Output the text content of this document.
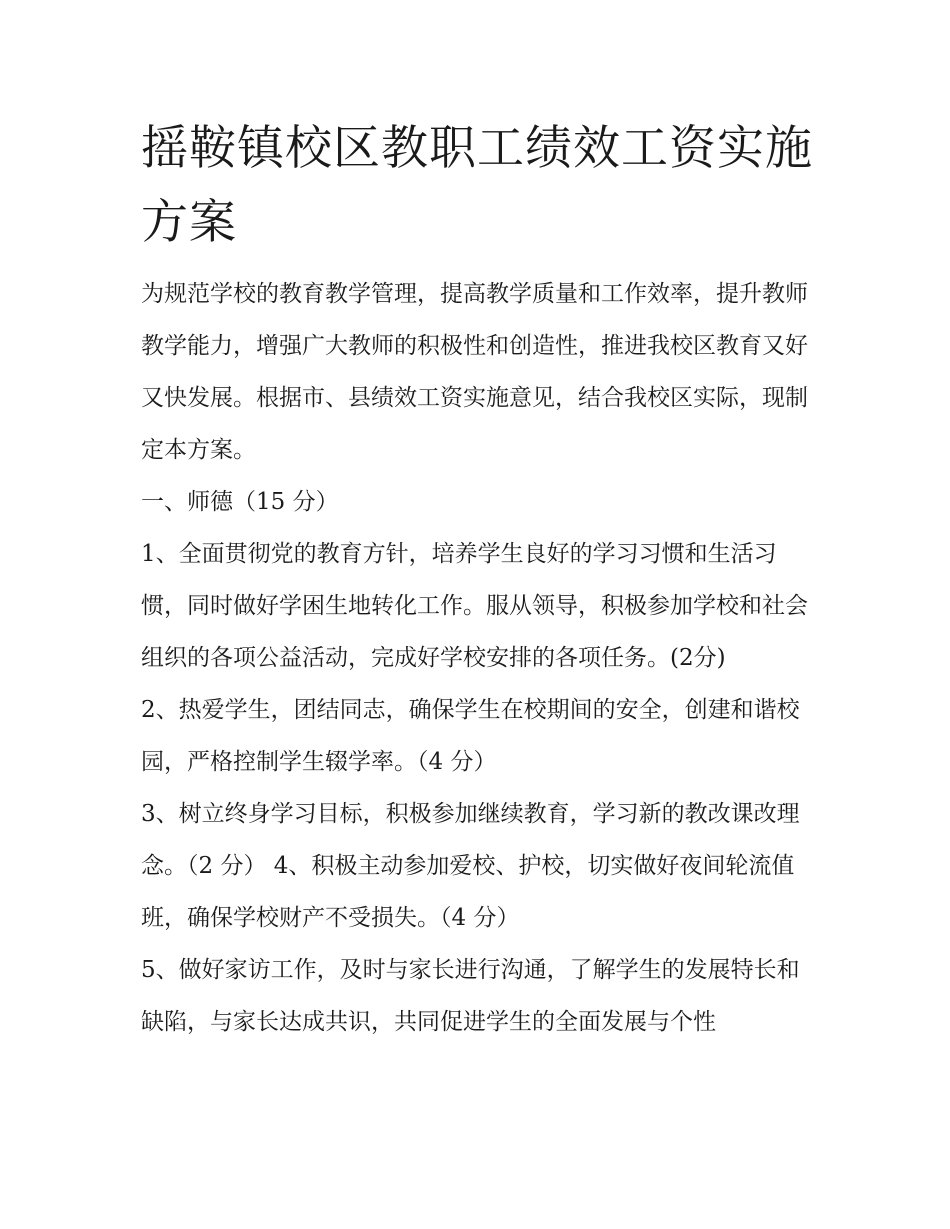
摇鞍镇校区教职工绩效工资实施方案

为规范学校的教育教学管理，提高教学质量和工作效率，提升教师教学能力，增强广大教师的积极性和创造性，推进我校区教育又好又快发展。根据市、县绩效工资实施意见，结合我校区实际，现制定本方案。

一、师德（15 分）

1、全面贯彻党的教育方针，培养学生良好的学习习惯和生活习惯，同时做好学困生地转化工作。服从领导，积极参加学校和社会组织的各项公益活动，完成好学校安排的各项任务。(2分)

2、热爱学生，团结同志，确保学生在校期间的安全，创建和谐校园，严格控制学生辍学率。（4 分）

3、树立终身学习目标，积极参加继续教育，学习新的教改课改理念。（2 分） 4、积极主动参加爱校、护校，切实做好夜间轮流值班，确保学校财产不受损失。（4 分）

5、做好家访工作，及时与家长进行沟通，了解学生的发展特长和缺陷，与家长达成共识，共同促进学生的全面发展与个性
